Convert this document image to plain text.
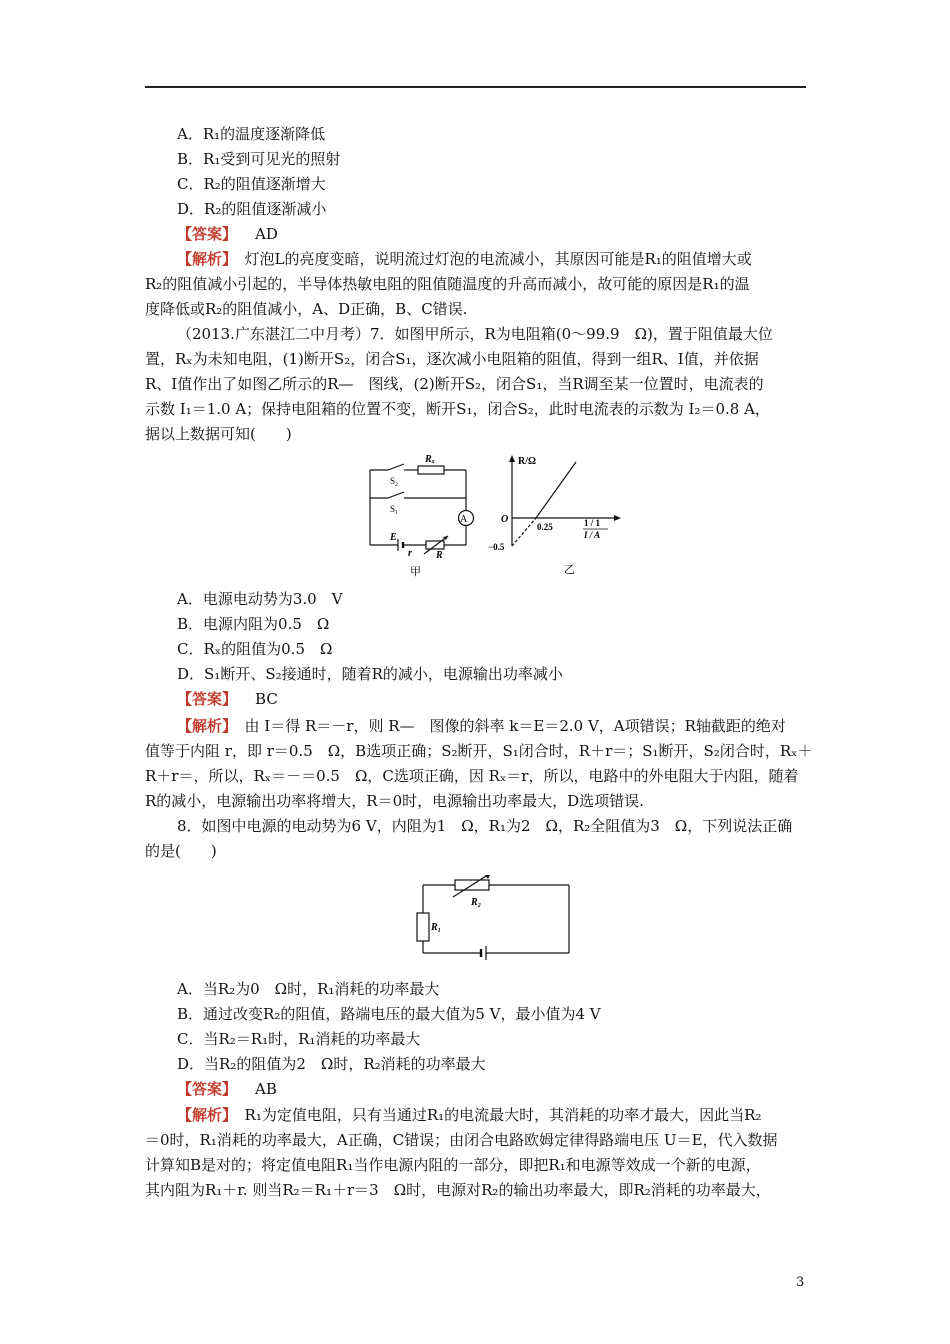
A．R₁的温度逐渐降低
B．R₁受到可见光的照射
C．R₂的阻值逐渐增大
D．R₂的阻值逐渐减小
【答案】 AD
【解析】　 灯泡L的亮度变暗，说明流过灯泡的电流减小，其原因可能是R₁的阻值增大或
R₂的阻值减小引起的，半导体热敏电阻的阻值随温度的升高而减小，故可能的原因是R₁的温
度降低或R₂的阻值减小，A、D正确，B、C错误.
（2013.广东湛江二中月考）7．如图甲所示，R为电阻箱(0～99.9　Ω)，置于阻值最大位
置，Rₓ为未知电阻，(1)断开S₂，闭合S₁，逐次减小电阻箱的阻值，得到一组R、I值，并依据
R、I值作出了如图乙所示的R—　图线，(2)断开S₂，闭合S₁，当R调至某一位置时，电流表的
示数 I₁＝1.0 A；保持电阻箱的位置不变，断开S₁，闭合S₂，此时电流表的示数为 I₂＝0.8 A，
据以上数据可知(　　)
A
Rₓ
S₂
S₁
E
r R
甲
R/Ω
O
0.25
−0.5
1 / 1
I / A
乙
A．电源电动势为3.0　V
B．电源内阻为0.5　Ω
C．Rₓ的阻值为0.5　Ω
D．S₁断开、S₂接通时，随着R的减小，电源输出功率减小
【答案】 BC
【解析】　 由 I＝得 R＝－r，则 R—　图像的斜率 k＝E＝2.0 V，A项错误；R轴截距的绝对
值等于内阻 r，即 r＝0.5　Ω，B选项正确；S₂断开，S₁闭合时，R＋r＝；S₁断开，S₂闭合时，Rₓ＋
R＋r＝，所以，Rₓ＝－＝0.5　Ω，C选项正确，因 Rₓ＝r，所以，电路中的外电阻大于内阻，随着
R的减小，电源输出功率将增大，R＝0时，电源输出功率最大，D选项错误.
8．如图中电源的电动势为6 V，内阻为1　Ω，R₁为2　Ω，R₂全阻值为3　Ω，下列说法正确
的是(　　)
R₂
R₁
A．当R₂为0　Ω时，R₁消耗的功率最大
B．通过改变R₂的阻值，路端电压的最大值为5 V，最小值为4 V
C．当R₂＝R₁时，R₁消耗的功率最大
D．当R₂的阻值为2　Ω时，R₂消耗的功率最大
【答案】 AB
【解析】　 R₁为定值电阻，只有当通过R₁的电流最大时，其消耗的功率才最大，因此当R₂
＝0时，R₁消耗的功率最大，A正确，C错误；由闭合电路欧姆定律得路端电压 U＝E，代入数据
计算知B是对的；将定值电阻R₁当作电源内阻的一部分，即把R₁和电源等效成一个新的电源，
其内阻为R₁＋r. 则当R₂＝R₁＋r＝3　Ω时，电源对R₂的输出功率最大，即R₂消耗的功率最大，
3
